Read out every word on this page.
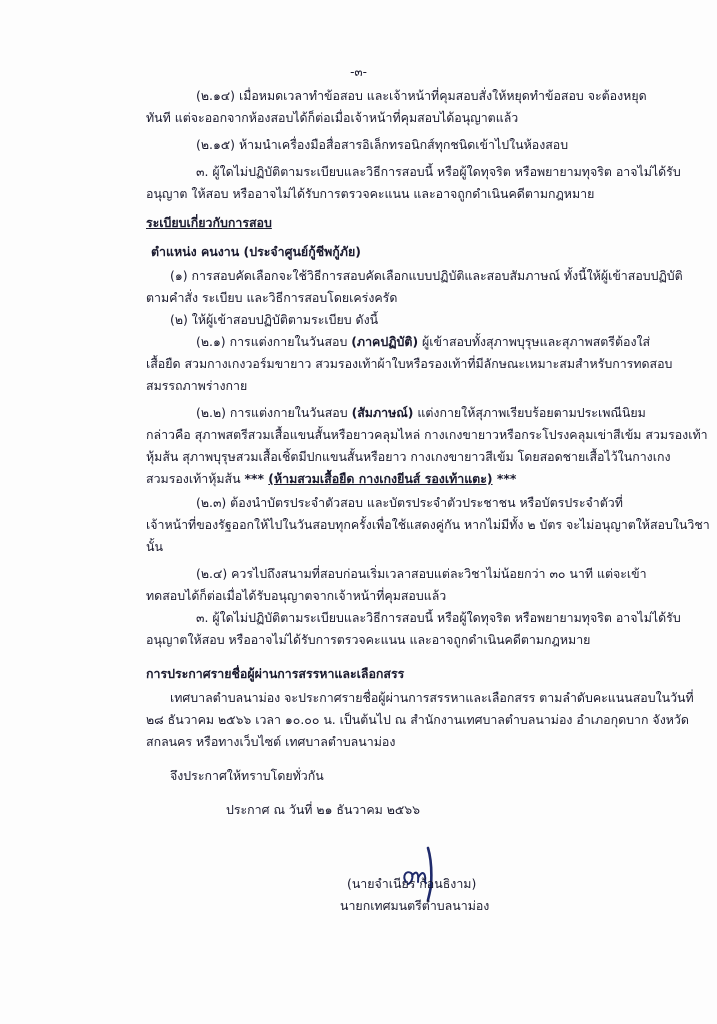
-๓-
(๒.๑๔) เมื่อหมดเวลาทำข้อสอบ และเจ้าหน้าที่คุมสอบสั่งให้หยุดทำข้อสอบ จะต้องหยุด
ทันที แต่จะออกจากห้องสอบได้ก็ต่อเมื่อเจ้าหน้าที่คุมสอบได้อนุญาตแล้ว
(๒.๑๕) ห้ามนำเครื่องมือสื่อสารอิเล็กทรอนิกส์ทุกชนิดเข้าไปในห้องสอบ
๓. ผู้ใดไม่ปฏิบัติตามระเบียบและวิธีการสอบนี้ หรือผู้ใดทุจริต หรือพยายามทุจริต อาจไม่ได้รับ
อนุญาต ให้สอบ หรืออาจไม่ได้รับการตรวจคะแนน และอาจถูกดำเนินคดีตามกฎหมาย
ระเบียบเกี่ยวกับการสอบ
ตำแหน่ง คนงาน (ประจำศูนย์กู้ชีพกู้ภัย)
(๑) การสอบคัดเลือกจะใช้วิธีการสอบคัดเลือกแบบปฏิบัติและสอบสัมภาษณ์ ทั้งนี้ให้ผู้เข้าสอบปฏิบัติ
ตามคำสั่ง ระเบียบ และวิธีการสอบโดยเคร่งครัด
(๒) ให้ผู้เข้าสอบปฏิบัติตามระเบียบ ดังนี้
(๒.๑) การแต่งกายในวันสอบ (ภาคปฏิบัติ) ผู้เข้าสอบทั้งสุภาพบุรุษและสุภาพสตรีต้องใส่
เสื้อยืด สวมกางเกงวอร์มขายาว สวมรองเท้าผ้าใบหรือรองเท้าที่มีลักษณะเหมาะสมสำหรับการทดสอบ
สมรรถภาพร่างกาย
(๒.๒) การแต่งกายในวันสอบ (สัมภาษณ์) แต่งกายให้สุภาพเรียบร้อยตามประเพณีนิยม
กล่าวคือ สุภาพสตรีสวมเสื้อแขนสั้นหรือยาวคลุมไหล่ กางเกงขายาวหรือกระโปรงคลุมเข่าสีเข้ม สวมรองเท้า
หุ้มส้น สุภาพบุรุษสวมเสื้อเชิ้ตมีปกแขนสั้นหรือยาว กางเกงขายาวสีเข้ม โดยสอดชายเสื้อไว้ในกางเกง
สวมรองเท้าหุ้มส้น *** (ห้ามสวมเสื้อยืด กางเกงยีนส์ รองเท้าแตะ) ***
(๒.๓) ต้องนำบัตรประจำตัวสอบ และบัตรประจำตัวประชาชน หรือบัตรประจำตัวที่
เจ้าหน้าที่ของรัฐออกให้ไปในวันสอบทุกครั้งเพื่อใช้แสดงคู่กัน หากไม่มีทั้ง ๒ บัตร จะไม่อนุญาตให้สอบในวิชา
นั้น
(๒.๔) ควรไปถึงสนามที่สอบก่อนเริ่มเวลาสอบแต่ละวิชาไม่น้อยกว่า ๓๐ นาที แต่จะเข้า
ทดสอบได้ก็ต่อเมื่อได้รับอนุญาตจากเจ้าหน้าที่คุมสอบแล้ว
๓. ผู้ใดไม่ปฏิบัติตามระเบียบและวิธีการสอบนี้ หรือผู้ใดทุจริต หรือพยายามทุจริต อาจไม่ได้รับ
อนุญาตให้สอบ หรืออาจไม่ได้รับการตรวจคะแนน และอาจถูกดำเนินคดีตามกฎหมาย
การประกาศรายชื่อผู้ผ่านการสรรหาและเลือกสรร
เทศบาลตำบลนาม่อง จะประกาศรายชื่อผู้ผ่านการสรรหาและเลือกสรร ตามลำดับคะแนนสอบในวันที่
๒๘ ธันวาคม ๒๕๖๖ เวลา ๑๐.๐๐ น. เป็นต้นไป ณ สำนักงานเทศบาลตำบลนาม่อง อำเภอกุดบาก จังหวัด
สกลนคร หรือทางเว็บไซต์ เทศบาลตำบลนาม่อง
จึงประกาศให้ทราบโดยทั่วกัน
ประกาศ ณ วันที่ ๒๑ ธันวาคม ๒๕๖๖
(นายจำเนียร ก้อนธิงาม)
นายกเทศมนตรีตำบลนาม่อง
